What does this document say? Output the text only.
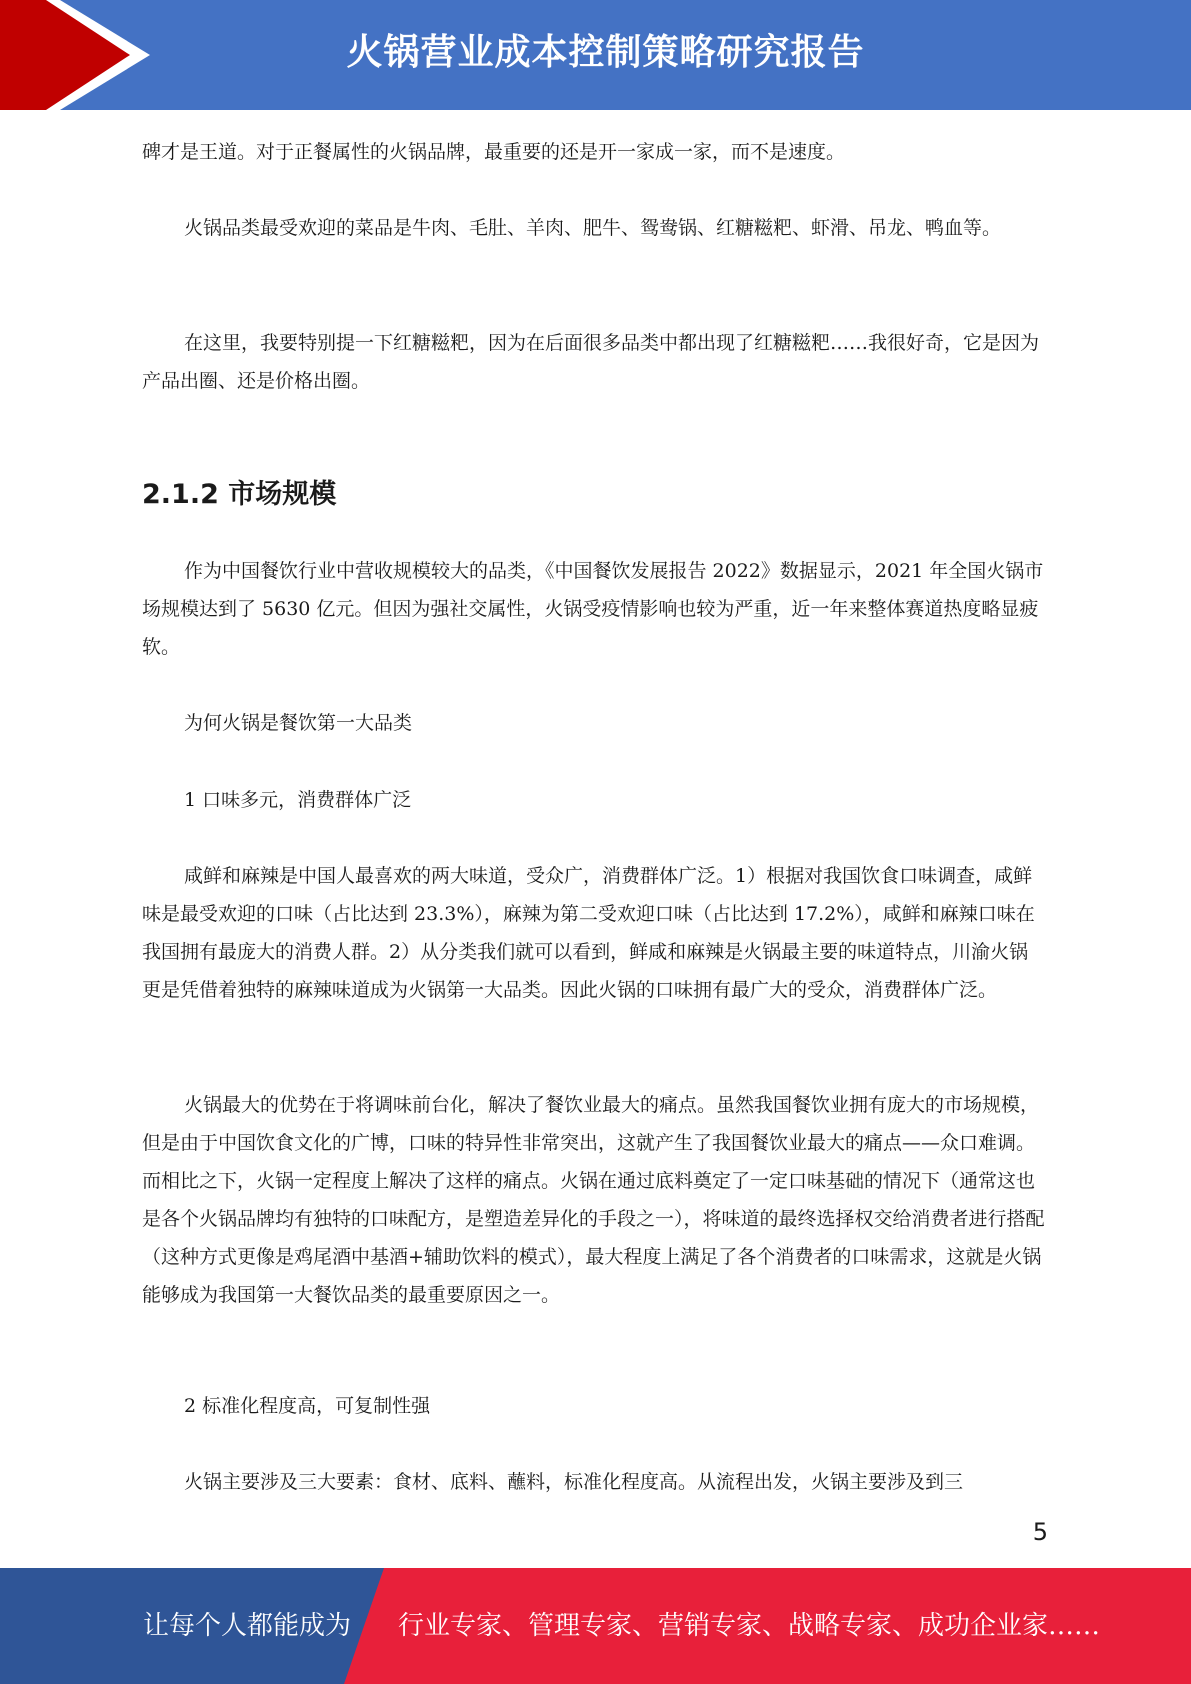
火锅营业成本控制策略研究报告

碑才是王道。对于正餐属性的火锅品牌，最重要的还是开一家成一家，而不是速度。

火锅品类最受欢迎的菜品是牛肉、毛肚、羊肉、肥牛、鸳鸯锅、红糖糍粑、虾滑、吊龙、鸭血等。

在这里，我要特别提一下红糖糍粑，因为在后面很多品类中都出现了红糖糍粑……我很好奇，它是因为产品出圈、还是价格出圈。

2.1.2 市场规模

作为中国餐饮行业中营收规模较大的品类，《中国餐饮发展报告 2022》数据显示，2021 年全国火锅市场规模达到了 5630 亿元。但因为强社交属性，火锅受疫情影响也较为严重，近一年来整体赛道热度略显疲软。

为何火锅是餐饮第一大品类

1 口味多元，消费群体广泛

咸鲜和麻辣是中国人最喜欢的两大味道，受众广，消费群体广泛。1）根据对我国饮食口味调查，咸鲜味是最受欢迎的口味（占比达到 23.3%），麻辣为第二受欢迎口味（占比达到 17.2%），咸鲜和麻辣口味在我国拥有最庞大的消费人群。2）从分类我们就可以看到，鲜咸和麻辣是火锅最主要的味道特点，川渝火锅更是凭借着独特的麻辣味道成为火锅第一大品类。因此火锅的口味拥有最广大的受众，消费群体广泛。

火锅最大的优势在于将调味前台化，解决了餐饮业最大的痛点。虽然我国餐饮业拥有庞大的市场规模，但是由于中国饮食文化的广博，口味的特异性非常突出，这就产生了我国餐饮业最大的痛点——众口难调。而相比之下，火锅一定程度上解决了这样的痛点。火锅在通过底料奠定了一定口味基础的情况下（通常这也是各个火锅品牌均有独特的口味配方，是塑造差异化的手段之一），将味道的最终选择权交给消费者进行搭配（这种方式更像是鸡尾酒中基酒+辅助饮料的模式），最大程度上满足了各个消费者的口味需求，这就是火锅能够成为我国第一大餐饮品类的最重要原因之一。

2 标准化程度高，可复制性强

火锅主要涉及三大要素：食材、底料、蘸料，标准化程度高。从流程出发，火锅主要涉及到三

5
让每个人都能成为 行业专家、管理专家、营销专家、战略专家、成功企业家……
